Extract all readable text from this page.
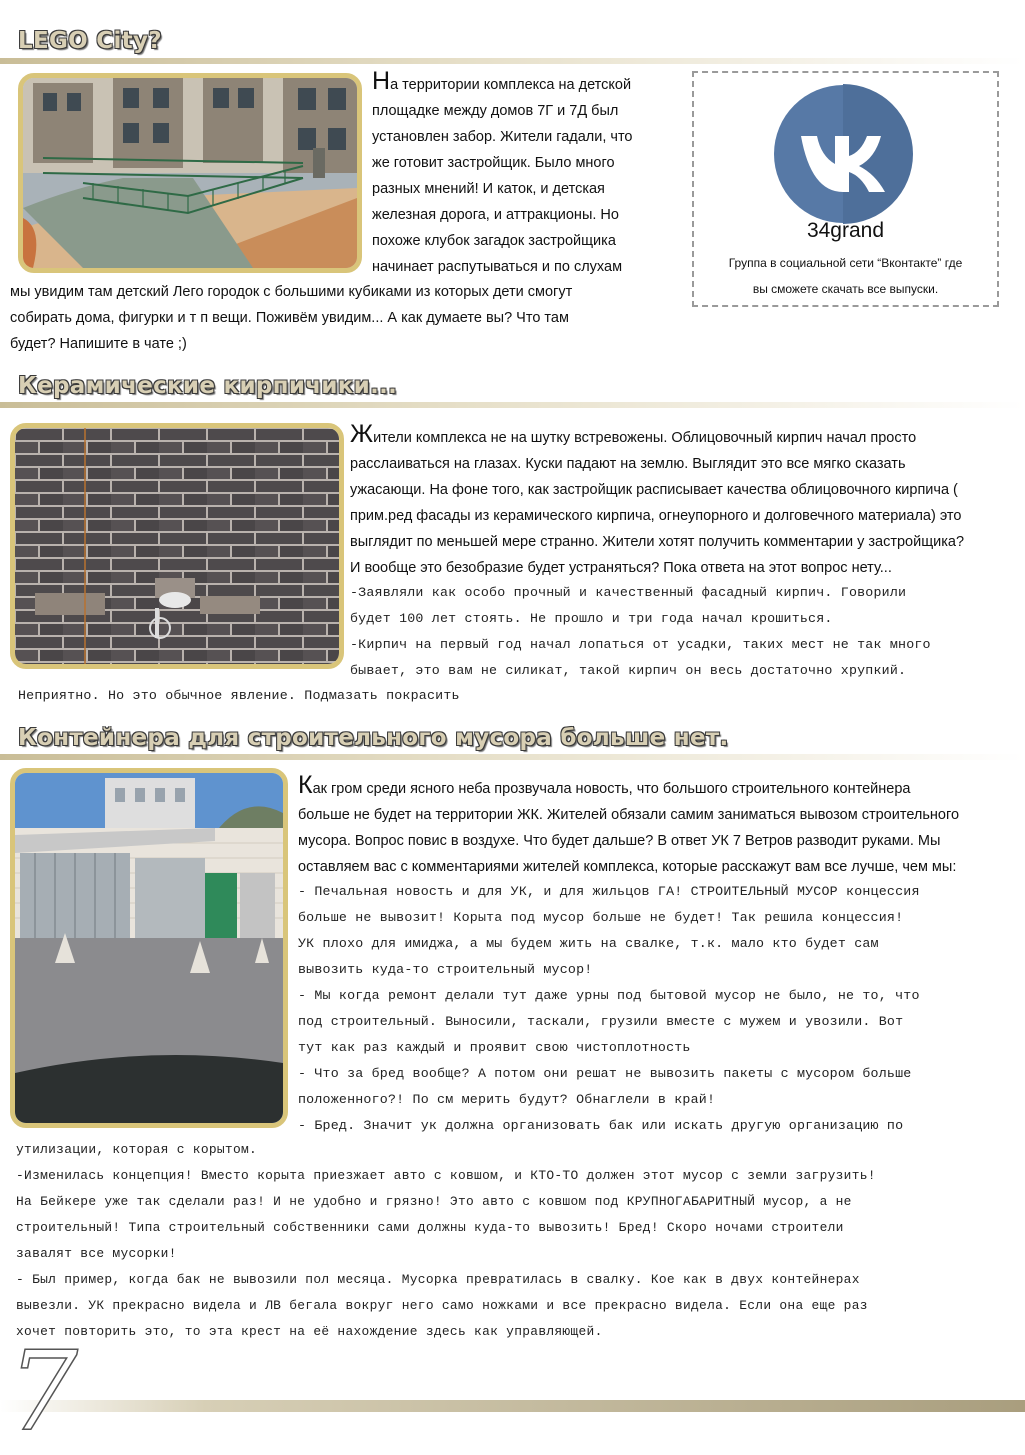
LEGO City?

На территории комплекса на детской
площадке между домов 7Г и 7Д был
установлен забор. Жители гадали, что
же готовит застройщик. Было много
разных мнений! И каток, и детская
железная дорога, и аттракционы. Но
похоже клубок загадок застройщика
начинает распутываться и по слухам

мы увидим там детский Лего городок с большими кубиками из которых дети смогут
собирать дома, фигурки и т п вещи. Поживём увидим... А как думаете вы? Что там
будет? Напишите в чате ;)

34grand
Группа в социальной сети “Вконтакте” где
вы сможете скачать все выпуски.
Керамические кирпичики...

Жители комплекса не на шутку встревожены. Облицовочный кирпич начал просто
расслаиваться на глазах. Куски падают на землю. Выглядит это все мягко сказать
ужасающи. На фоне того, как застройщик расписывает качества облицовочного кирпича (
прим.ред фасады из керамического кирпича, огнеупорного и долговечного материала) это
выглядит по меньшей мере странно. Жители хотят получить комментарии у застройщика?
И вообще это безобразие будет устраняться? Пока ответа на этот вопрос нету...

-Заявляли как особо прочный и качественный фасадный кирпич. Говорили
будет 100 лет стоять. Не прошло и три года начал крошиться.
-Кирпич на первый год начал лопаться от усадки, таких мест не так много
бывает, это вам не силикат, такой кирпич он весь достаточно хрупкий.

Неприятно. Но это обычное явление. Подмазать покрасить

Контейнера для строительного мусора больше нет.

Как гром среди ясного неба прозвучала новость, что большого строительного контейнера
больше не будет на территории ЖК. Жителей обязали самим заниматься вывозом строительного
мусора. Вопрос повис в воздухе. Что будет дальше? В ответ УК 7 Ветров разводит руками. Мы
оставляем вас с комментариями жителей комплекса, которые расскажут вам все лучше, чем мы:

- Печальная новость и для УК, и для жильцов ГА! СТРОИТЕЛЬНЫЙ МУСОР концессия
больше не вывозит! Корыта под мусор больше не будет! Так решила концессия!
УК плохо для имиджа, а мы будем жить на свалке, т.к. мало кто будет сам
вывозить куда-то строительный мусор!
- Мы когда ремонт делали тут даже урны под бытовой мусор не было, не то, что
под строительный. Выносили, таскали, грузили вместе с мужем и увозили. Вот
тут как раз каждый и проявит свою чистоплотность
- Что за бред вообще? А потом они решат не вывозить пакеты с мусором больше
положенного?! По см мерить будут? Обнаглели в край!
- Бред. Значит ук должна организовать бак или искать другую организацию по

утилизации, которая с корытом.
-Изменилась концепция! Вместо корыта приезжает авто с ковшом, и КТО-ТО должен этот мусор с земли загрузить!
На Бейкере уже так сделали раз! И не удобно и грязно! Это авто с ковшом под КРУПНОГАБАРИТНЫЙ мусор, а не
строительный! Типа строительный собственники сами должны куда-то вывозить! Бред! Скоро ночами строители
завалят все мусорки!
- Был пример, когда бак не вывозили пол месяца. Мусорка превратилась в свалку. Кое как в двух контейнерах
вывезли. УК прекрасно видела и ЛВ бегала вокруг него само ножками и все прекрасно видела. Если она еще раз
хочет повторить это, то эта крест на её нахождение здесь как управляющей.

7
